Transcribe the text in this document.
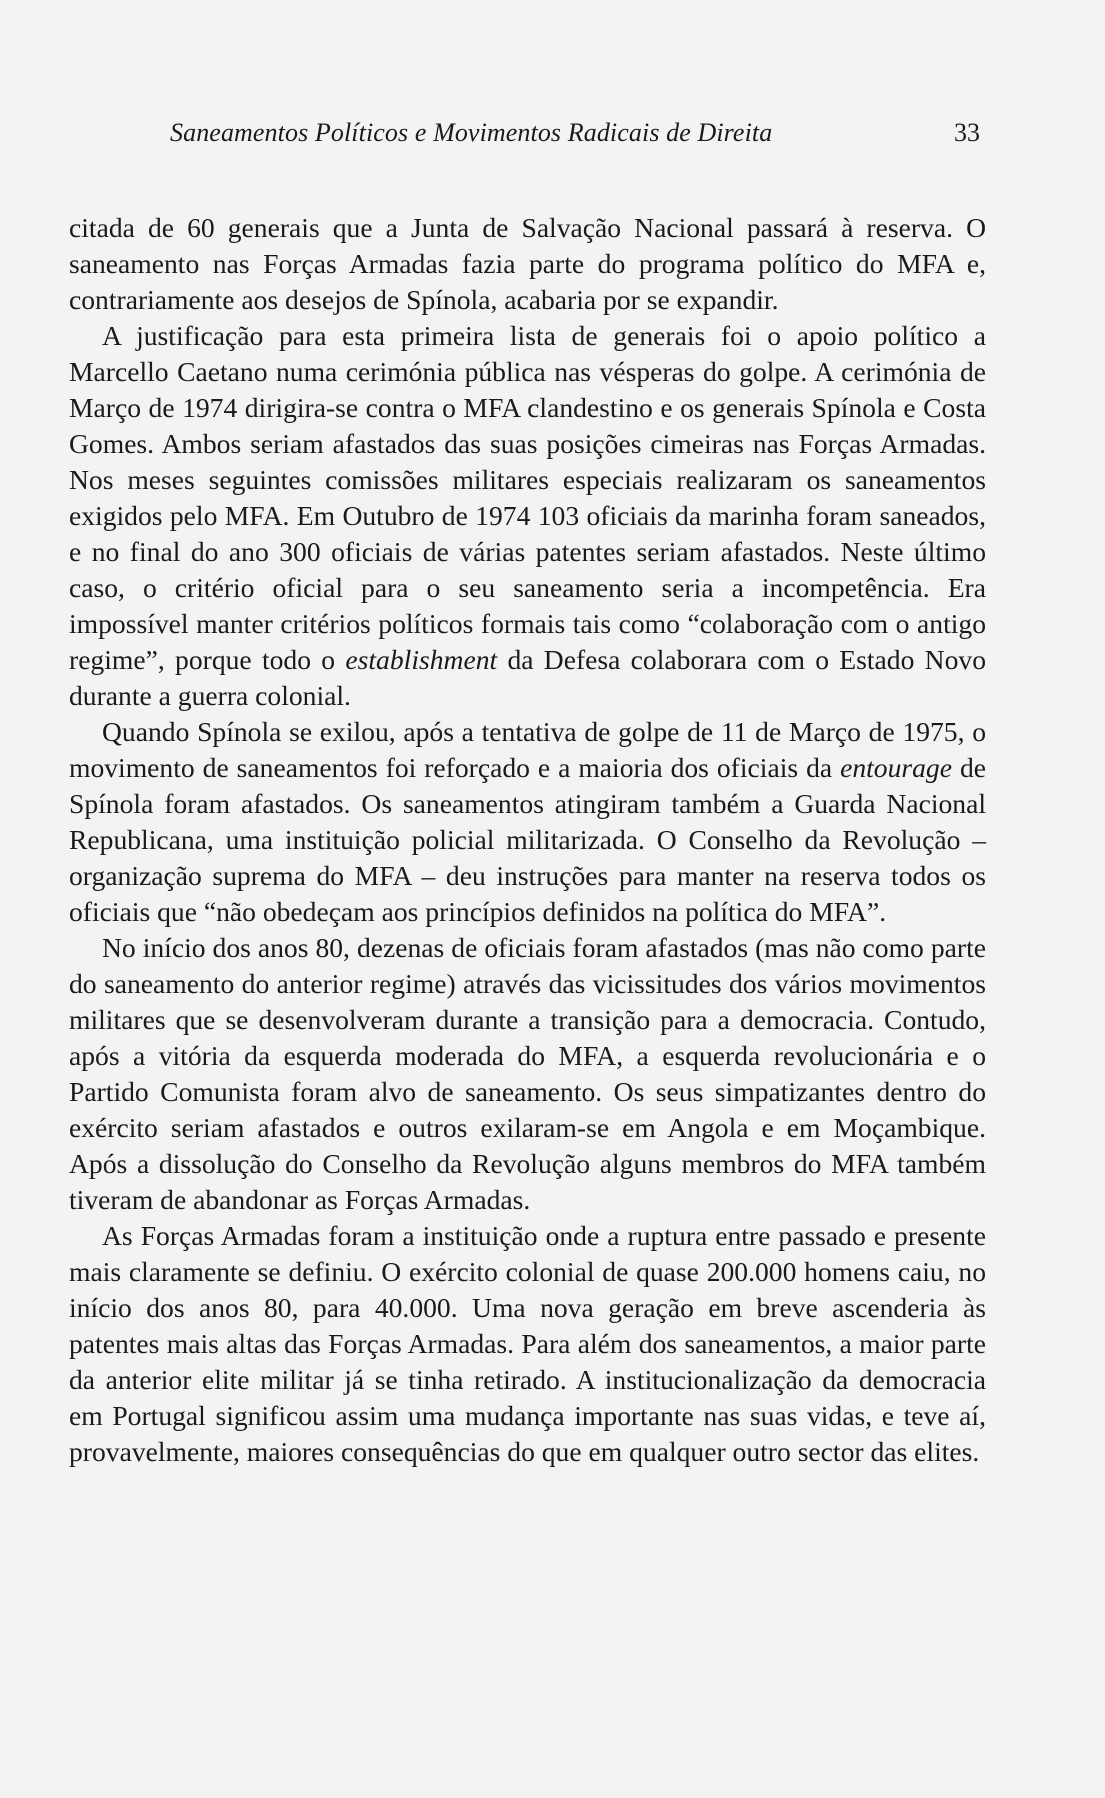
Saneamentos Políticos e Movimentos Radicais de Direita	33

citada de 60 generais que a Junta de Salvação Nacional passará à reserva. O saneamento nas Forças Armadas fazia parte do programa político do MFA e, contrariamente aos desejos de Spínola, acabaria por se expandir.

A justificação para esta primeira lista de generais foi o apoio político a Marcello Caetano numa cerimónia pública nas vésperas do golpe. A cerimónia de Março de 1974 dirigira-se contra o MFA clandestino e os generais Spínola e Costa Gomes. Ambos seriam afastados das suas posições cimeiras nas Forças Armadas. Nos meses seguintes comissões militares especiais realizaram os saneamentos exigidos pelo MFA. Em Outubro de 1974 103 oficiais da marinha foram saneados, e no final do ano 300 oficiais de várias patentes seriam afastados. Neste último caso, o critério oficial para o seu saneamento seria a incompetência. Era impossível manter critérios políticos formais tais como “colaboração com o antigo regime”, porque todo o establishment da Defesa colaborara com o Estado Novo durante a guerra colonial.

Quando Spínola se exilou, após a tentativa de golpe de 11 de Março de 1975, o movimento de saneamentos foi reforçado e a maioria dos oficiais da entourage de Spínola foram afastados. Os saneamentos atingiram também a Guarda Nacional Republicana, uma instituição policial militarizada. O Conselho da Revolução – organização suprema do MFA – deu instruções para manter na reserva todos os oficiais que “não obedeçam aos princípios definidos na política do MFA”.

No início dos anos 80, dezenas de oficiais foram afastados (mas não como parte do saneamento do anterior regime) através das vicissitudes dos vários movimentos militares que se desenvolveram durante a transição para a democracia. Contudo, após a vitória da esquerda moderada do MFA, a esquerda revolucionária e o Partido Comunista foram alvo de saneamento. Os seus simpatizantes dentro do exército seriam afastados e outros exilaram-se em Angola e em Moçambique. Após a dissolução do Conselho da Revolução alguns membros do MFA também tiveram de abandonar as Forças Armadas.

As Forças Armadas foram a instituição onde a ruptura entre passado e presente mais claramente se definiu. O exército colonial de quase 200.000 homens caiu, no início dos anos 80, para 40.000. Uma nova geração em breve ascenderia às patentes mais altas das Forças Armadas. Para além dos saneamentos, a maior parte da anterior elite militar já se tinha retirado. A institucionalização da democracia em Portugal significou assim uma mudança importante nas suas vidas, e teve aí, provavelmente, maiores consequências do que em qualquer outro sector das elites.
